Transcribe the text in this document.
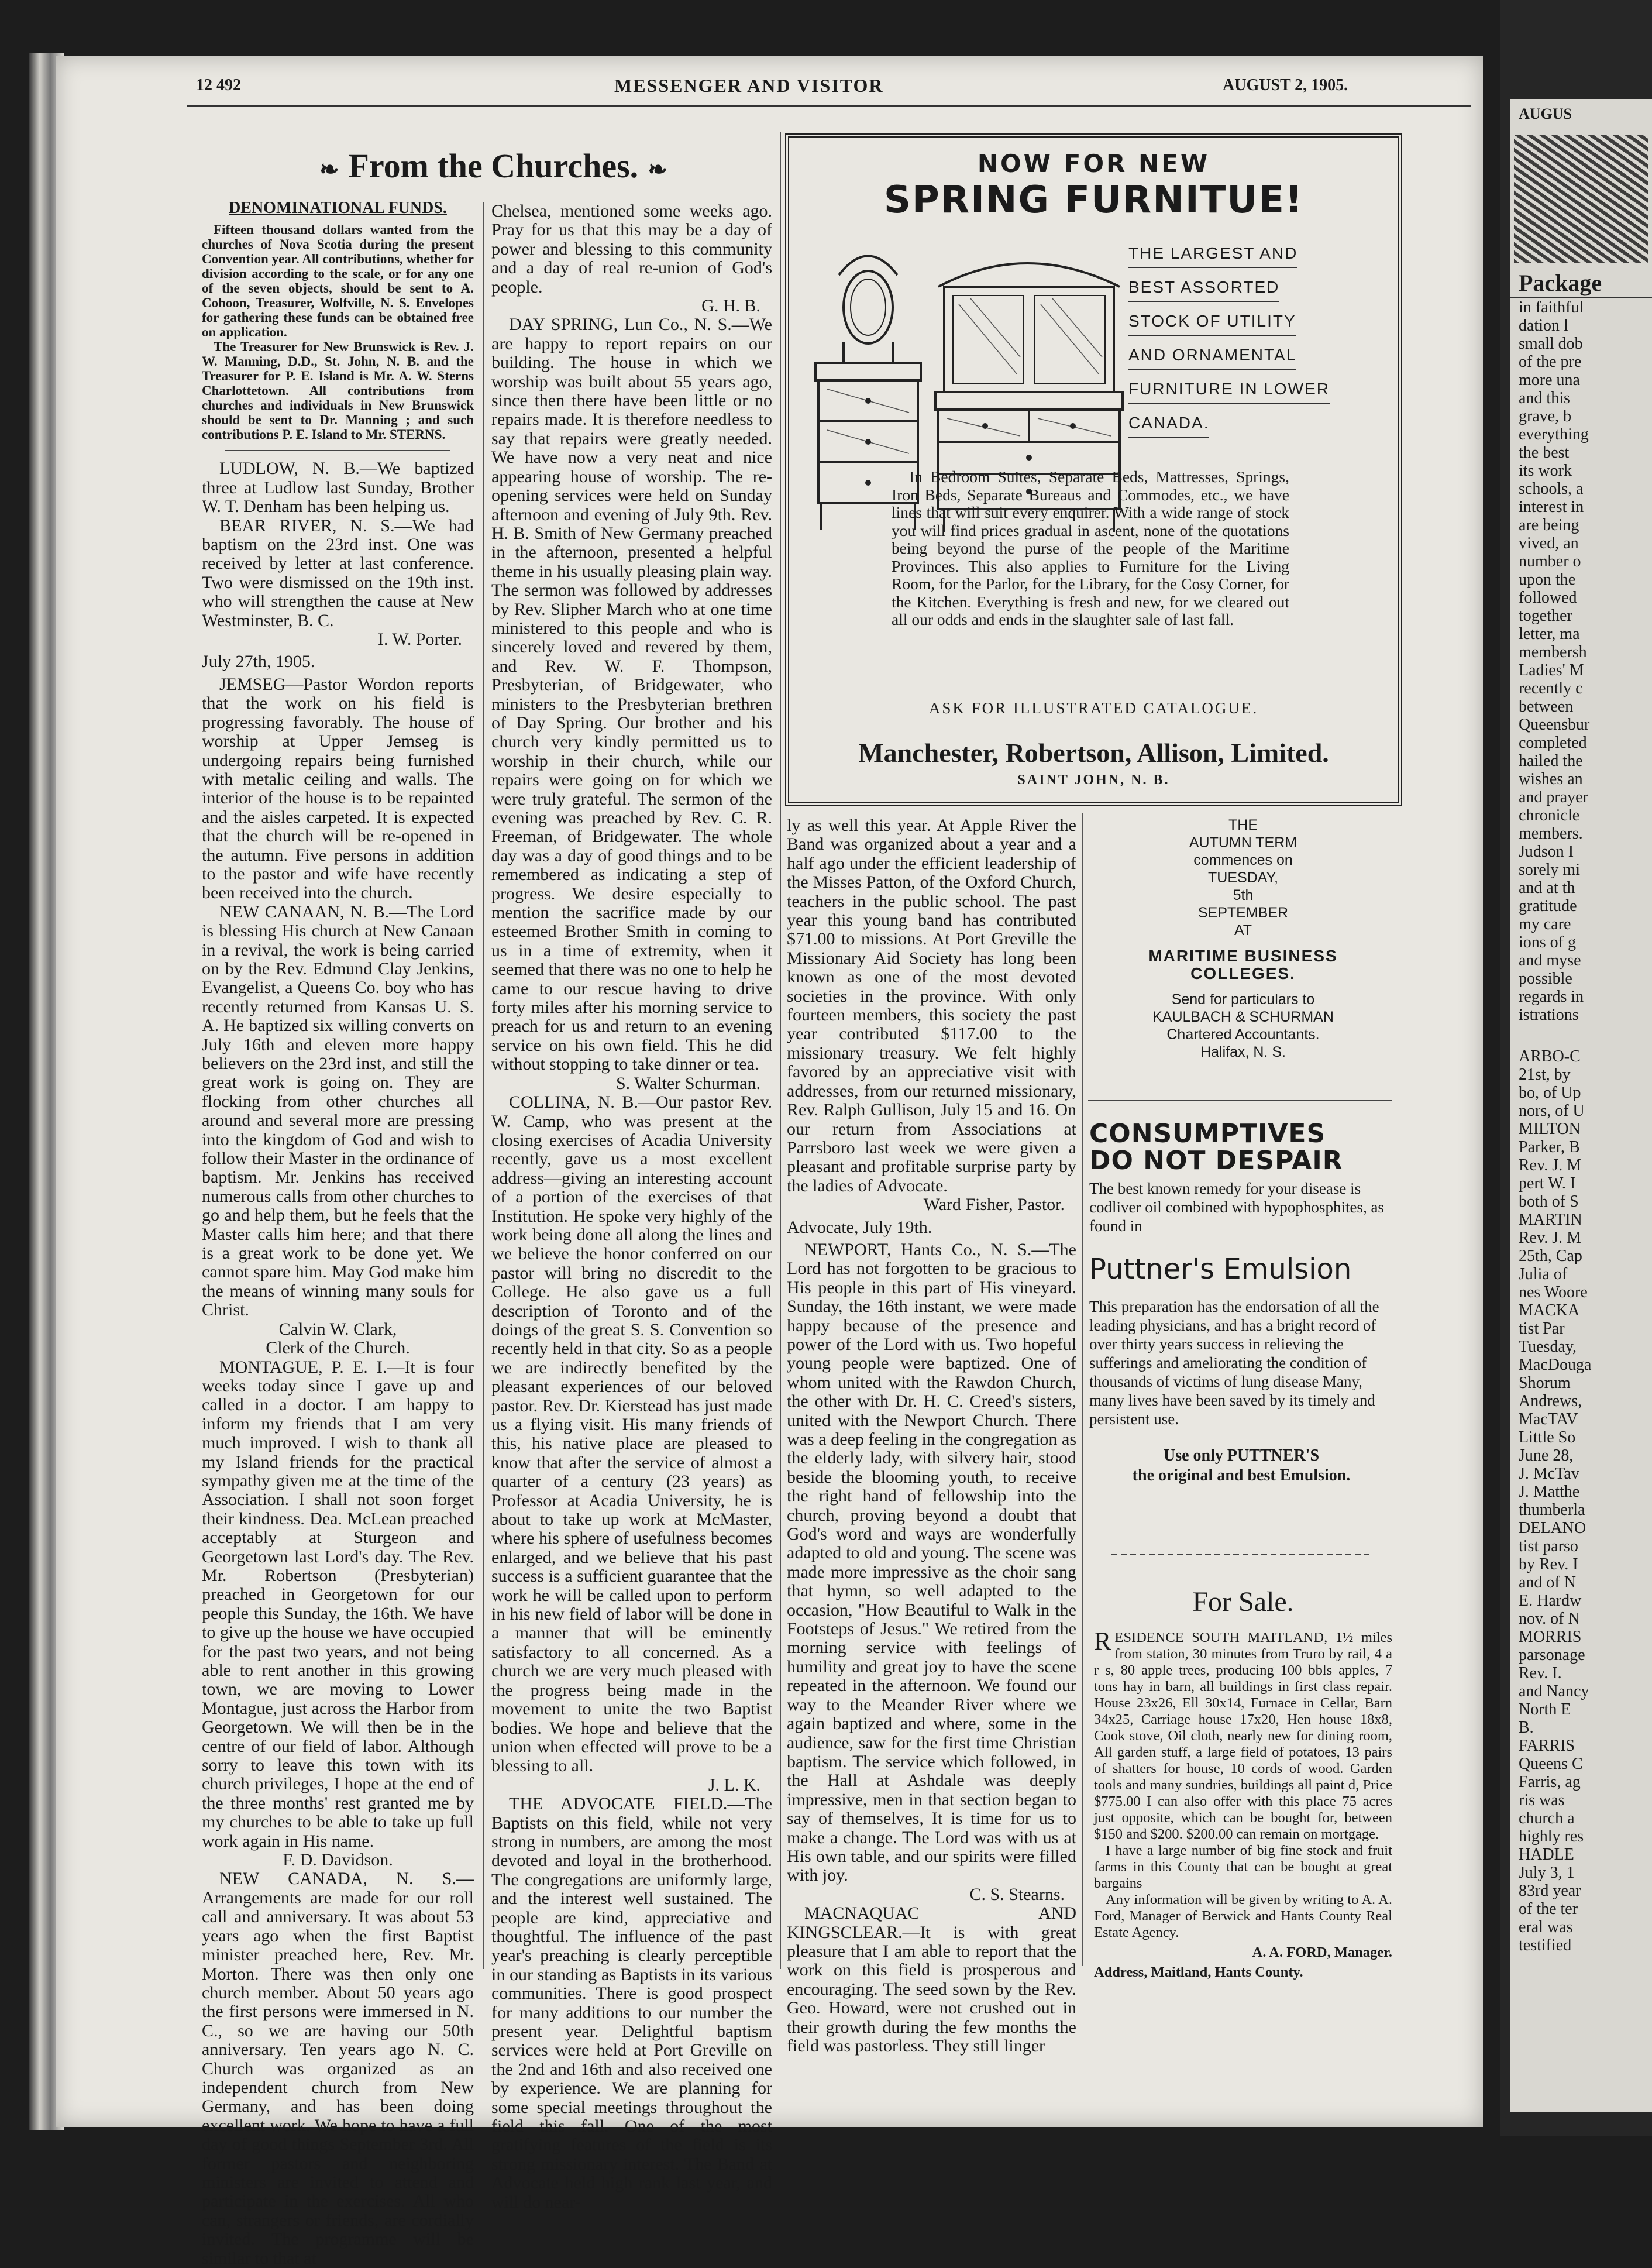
12 492	MESSENGER AND VISITOR	AUGUST 2, 1905.
❧ From the Churches. ❧

DENOMINATIONAL FUNDS.

Fifteen thousand dollars wanted from the churches of Nova Scotia during the present Convention year. All contributions, whether for division according to the scale, or for any one of the seven objects, should be sent to A. Cohoon, Treasurer, Wolfville, N. S. Envelopes for gathering these funds can be obtained free on application.

The Treasurer for New Brunswick is Rev. J. W. Manning, D.D., St. John, N. B. and the Treasurer for P. E. Island is Mr. A. W. Sterns Charlottetown. All contributions from churches and individuals in New Brunswick should be sent to Dr. Manning ; and such contributions P. E. Island to Mr. STERNS.

LUDLOW, N. B.—We baptized three at Ludlow last Sunday, Brother W. T. Denham has been helping us.

BEAR RIVER, N. S.—We had baptism on the 23rd inst. One was received by letter at last conference. Two were dismissed on the 19th inst. who will strengthen the cause at New Westminster, B. C.

I. W. Porter.

July 27th, 1905.

JEMSEG—Pastor Wordon reports that the work on his field is progressing favorably. The house of worship at Upper Jemseg is undergoing repairs being furnished with metalic ceiling and walls. The interior of the house is to be repainted and the aisles carpeted. It is expected that the church will be re-opened in the autumn. Five persons in addition to the pastor and wife have recently been received into the church.

NEW CANAAN, N. B.—The Lord is blessing His church at New Canaan in a revival, the work is being carried on by the Rev. Edmund Clay Jenkins, Evangelist, a Queens Co. boy who has recently returned from Kansas U. S. A. He baptized six willing converts on July 16th and eleven more happy believers on the 23rd inst, and still the great work is going on. They are flocking from other churches all around and several more are pressing into the kingdom of God and wish to follow their Master in the ordinance of baptism. Mr. Jenkins has received numerous calls from other churches to go and help them, but he feels that the Master calls him here; and that there is a great work to be done yet. We cannot spare him. May God make him the means of winning many souls for Christ.

Calvin W. Clark,

Clerk of the Church.

MONTAGUE, P. E. I.—It is four weeks today since I gave up and called in a doctor. I am happy to inform my friends that I am very much improved. I wish to thank all my Island friends for the practical sympathy given me at the time of the Association. I shall not soon forget their kindness. Dea. McLean preached acceptably at Sturgeon and Georgetown last Lord's day. The Rev. Mr. Robertson (Presbyterian) preached in Georgetown for our people this Sunday, the 16th. We have to give up the house we have occupied for the past two years, and not being able to rent another in this growing town, we are moving to Lower Montague, just across the Harbor from Georgetown. We will then be in the centre of our field of labor. Although sorry to leave this town with its church privileges, I hope at the end of the three months' rest granted me by my churches to be able to take up full work again in His name.

F. D. Davidson.

NEW CANADA, N. S.—Arrangements are made for our roll call and anniversary. It was about 53 years ago when the first Baptist minister preached here, Rev. Mr. Morton. There was then only one church member. About 50 years ago the first persons were immersed in N. C., so we are having our 50th anniversary. Ten years ago N. C. Church was organized as an independent church from New Germany, and has been doing excellent work. We hope to have a full day of good things September 3rd. All former pastors and neighboring ministers are invited to attend and participate in the exercises. All who can, strangers or friends, are cordially invited. The programme will be similar to that at

Chelsea, mentioned some weeks ago. Pray for us that this may be a day of power and blessing to this community and a day of real re-union of God's people.

G. H. B.

DAY SPRING, Lun Co., N. S.—We are happy to report repairs on our building. The house in which we worship was built about 55 years ago, since then there have been little or no repairs made. It is therefore needless to say that repairs were greatly needed. We have now a very neat and nice appearing house of worship. The re-opening services were held on Sunday afternoon and evening of July 9th. Rev. H. B. Smith of New Germany preached in the afternoon, presented a helpful theme in his usually pleasing plain way. The sermon was followed by addresses by Rev. Slipher March who at one time ministered to this people and who is sincerely loved and revered by them, and Rev. W. F. Thompson, Presbyterian, of Bridgewater, who ministers to the Presbyterian brethren of Day Spring. Our brother and his church very kindly permitted us to worship in their church, while our repairs were going on for which we were truly grateful. The sermon of the evening was preached by Rev. C. R. Freeman, of Bridgewater. The whole day was a day of good things and to be remembered as indicating a step of progress. We desire especially to mention the sacrifice made by our esteemed Brother Smith in coming to us in a time of extremity, when it seemed that there was no one to help he came to our rescue having to drive forty miles after his morning service to preach for us and return to an evening service on his own field. This he did without stopping to take dinner or tea.

S. Walter Schurman.

COLLINA, N. B.—Our pastor Rev. W. Camp, who was present at the closing exercises of Acadia University recently, gave us a most excellent address—giving an interesting account of a portion of the exercises of that Institution. He spoke very highly of the work being done all along the lines and we believe the honor conferred on our pastor will bring no discredit to the College. He also gave us a full description of Toronto and of the doings of the great S. S. Convention so recently held in that city. So as a people we are indirectly benefited by the pleasant experiences of our beloved pastor. Rev. Dr. Kierstead has just made us a flying visit. His many friends of this, his native place are pleased to know that after the service of almost a quarter of a century (23 years) as Professor at Acadia University, he is about to take up work at McMaster, where his sphere of usefulness becomes enlarged, and we believe that his past success is a sufficient guarantee that the work he will be called upon to perform in his new field of labor will be done in a manner that will be eminently satisfactory to all concerned. As a church we are very much pleased with the progress being made in the movement to unite the two Baptist bodies. We hope and believe that the union when effected will prove to be a blessing to all.

J. L. K.

THE ADVOCATE FIELD.—The Baptists on this field, while not very strong in numbers, are among the most devoted and loyal in the brotherhood. The congregations are uniformly large, and the interest well sustained. The people are kind, appreciative and thoughtful. The influence of the past year's preaching is clearly perceptible in our standing as Baptists in its various communities. There is good prospect for many additions to our number the present year. Delightful baptism services were held at Port Greville on the 2nd and 16th and also received one by experience. We are planning for some special meetings throughout the field this fall. One of the most gratifying features of the field is its strong missionary interest. The Band at Advocate held high rank last year, and will do near-

NOW FOR NEW
SPRING FURNITUE!
THE LARGEST AND
BEST ASSORTED
STOCK OF UTILITY
AND ORNAMENTAL
FURNITURE IN LOWER
CANADA.
In Bedroom Suites, Separate Beds, Mattresses, Springs, Iron Beds, Separate Bureaus and Commodes, etc., we have lines that will suit every enquirer. With a wide range of stock you will find prices gradual in ascent, none of the quotations being beyond the purse of the people of the Maritime Provinces. This also applies to Furniture for the Living Room, for the Parlor, for the Library, for the Cosy Corner, for the Kitchen. Everything is fresh and new, for we cleared out all our odds and ends in the slaughter sale of last fall.
ASK FOR ILLUSTRATED CATALOGUE.
Manchester, Robertson, Allison, Limited.
SAINT JOHN, N. B.

ly as well this year. At Apple River the Band was organized about a year and a half ago under the efficient leadership of the Misses Patton, of the Oxford Church, teachers in the public school. The past year this young band has contributed $71.00 to missions. At Port Greville the Missionary Aid Society has long been known as one of the most devoted societies in the province. With only fourteen members, this society the past year contributed $117.00 to the missionary treasury. We felt highly favored by an appreciative visit with addresses, from our returned missionary, Rev. Ralph Gullison, July 15 and 16. On our return from Associations at Parrsboro last week we were given a pleasant and profitable surprise party by the ladies of Advocate.

Ward Fisher, Pastor.

Advocate, July 19th.

NEWPORT, Hants Co., N. S.—The Lord has not forgotten to be gracious to His people in this part of His vineyard. Sunday, the 16th instant, we were made happy because of the presence and power of the Lord with us. Two hopeful young people were baptized. One of whom united with the Rawdon Church, the other with Dr. H. C. Creed's sisters, united with the Newport Church. There was a deep feeling in the congregation as the elderly lady, with silvery hair, stood beside the blooming youth, to receive the right hand of fellowship into the church, proving beyond a doubt that God's word and ways are wonderfully adapted to old and young. The scene was made more impressive as the choir sang that hymn, so well adapted to the occasion, "How Beautiful to Walk in the Footsteps of Jesus." We retired from the morning service with feelings of humility and great joy to have the scene repeated in the afternoon. We found our way to the Meander River where we again baptized and where, some in the audience, saw for the first time Christian baptism. The service which followed, in the Hall at Ashdale was deeply impressive, men in that section began to say of themselves, It is time for us to make a change. The Lord was with us at His own table, and our spirits were filled with joy.

C. S. Stearns.

MACNAQUAC AND KINGSCLEAR.—It is with great pleasure that I am able to report that the work on this field is prosperous and encouraging. The seed sown by the Rev. Geo. Howard, were not crushed out in their growth during the few months the field was pastorless. They still linger

THE
AUTUMN TERM
commences on
TUESDAY,
5th
SEPTEMBER
AT
MARITIME BUSINESS
COLLEGES.
Send for particulars to
KAULBACH & SCHURMAN
Chartered Accountants.
Halifax, N. S.
CONSUMPTIVES
DO NOT DESPAIR
The best known remedy for your disease is codliver oil combined with hypophosphites, as found in
Puttner's Emulsion
This preparation has the endorsation of all the leading physicians, and has a bright record of over thirty years success in relieving the sufferings and ameliorating the condition of thousands of victims of lung disease Many, many lives have been saved by its timely and persistent use.
Use only PUTTNER'S
the original and best Emulsion.
For Sale.
RESIDENCE SOUTH MAITLAND, 1½ miles from station, 30 minutes from Truro by rail, 4 a r s, 80 apple trees, producing 100 bbls apples, 7 tons hay in barn, all buildings in first class repair. House 23x26, Ell 30x14, Furnace in Cellar, Barn 34x25, Carriage house 17x20, Hen house 18x8, Cook stove, Oil cloth, nearly new for dining room, All garden stuff, a large field of potatoes, 13 pairs of shatters for house, 10 cords of wood. Garden tools and many sundries, buildings all paint d, Price $775.00 I can also offer with this place 75 acres just opposite, which can be bought for, between $150 and $200. $200.00 can remain on mortgage.
I have a large number of big fine stock and fruit farms in this County that can be bought at great bargains
Any information will be given by writing to A. A. Ford, Manager of Berwick and Hants County Real Estate Agency.
A. A. FORD, Manager.
Address, Maitland, Hants County.
AUGUS
Package
in faithful
dation l
small dob
of the pre
more una
and this
grave, b
everything
the best
its work
schools, a
interest in
are being
vived, an
number o
upon the
followed
together
letter, ma
membersh
Ladies' M
recently c
between
Queensbur
completed
hailed the
wishes an
and prayer
chronicle
members.
Judson I
sorely mi
and at th
gratitude
my care
ions of g
and myse
possible
regards in
istrations
ARBO-C
21st, by
bo, of Up
nors, of U
MILTON
Parker, B
Rev. J. M
pert W. I
both of S
MARTIN
Rev. J. M
25th, Cap
Julia of
nes Woore
MACKA
tist Par
Tuesday,
MacDouga
Shorum
Andrews,
MacTAV
Little So
June 28,
J. McTav
J. Matthe
thumberla
DELANO
tist parso
by Rev. I
and of N
E. Hardw
nov. of N
MORRIS
parsonage
Rev. I.
and Nancy
North E
B.
FARRIS
Queens C
Farris, ag
ris was
church a
highly res
HADLE
July 3, 1
83rd year
of the ter
eral was
testified
